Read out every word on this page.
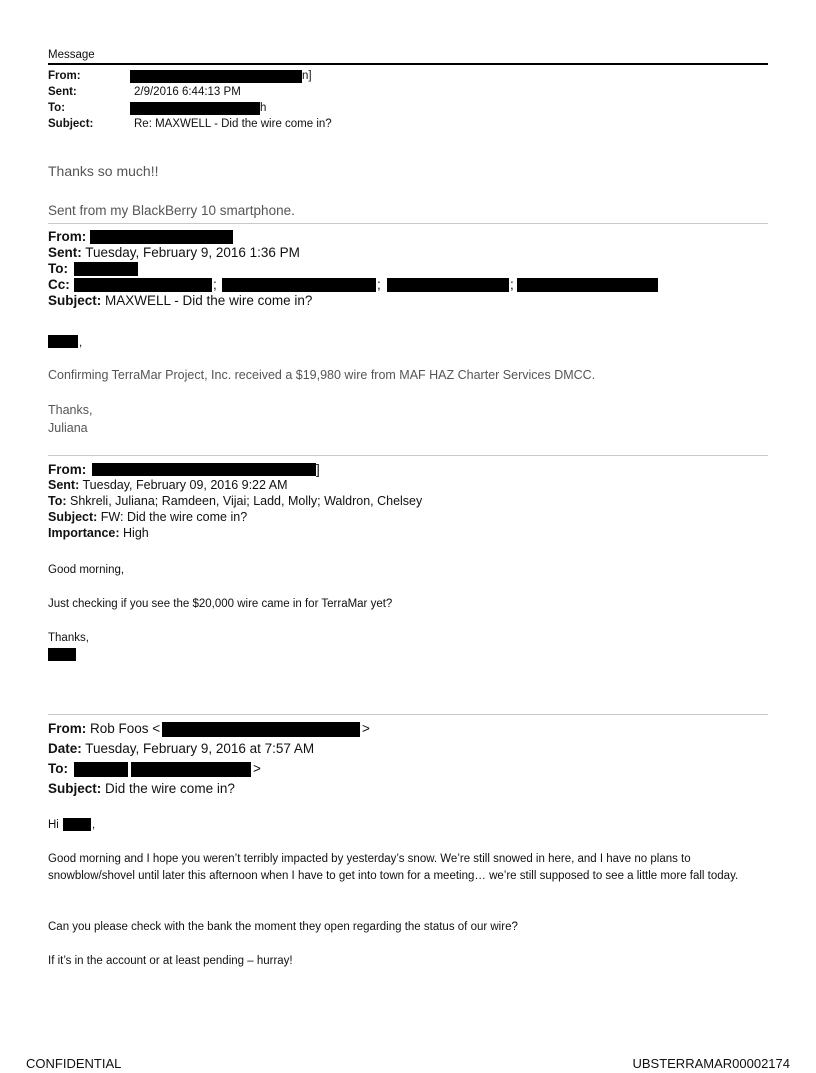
Message
From:	n]
Sent:	2/9/2016 6:44:13 PM
To:	h
Subject:	Re: MAXWELL - Did the wire come in?
Thanks so much!!
Sent from my BlackBerry 10 smartphone.
From:
Sent: Tuesday, February 9, 2016 1:36 PM
To:
Cc:	;	;	;
Subject: MAXWELL - Did the wire come in?
,
Confirming TerraMar Project, Inc. received a $19,980 wire from MAF HAZ Charter Services DMCC.
Thanks,
Juliana
From:	]
Sent: Tuesday, February 09, 2016 9:22 AM
To: Shkreli, Juliana; Ramdeen, Vijai; Ladd, Molly; Waldron, Chelsey
Subject: FW: Did the wire come in?
Importance: High
Good morning,
Just checking if you see the $20,000 wire came in for TerraMar yet?
Thanks,
From: Rob Foos <	>
Date: Tuesday, February 9, 2016 at 7:57 AM
To:	>
Subject: Did the wire come in?
Hi	,
Good morning and I hope you weren’t terribly impacted by yesterday’s snow. We’re still snowed in here, and I have no plans to snowblow/shovel until later this afternoon when I have to get into town for a meeting… we’re still supposed to see a little more fall today.
Can you please check with the bank the moment they open regarding the status of our wire?
If it’s in the account or at least pending – hurray!
CONFIDENTIAL	UBSTERRAMAR00002174
